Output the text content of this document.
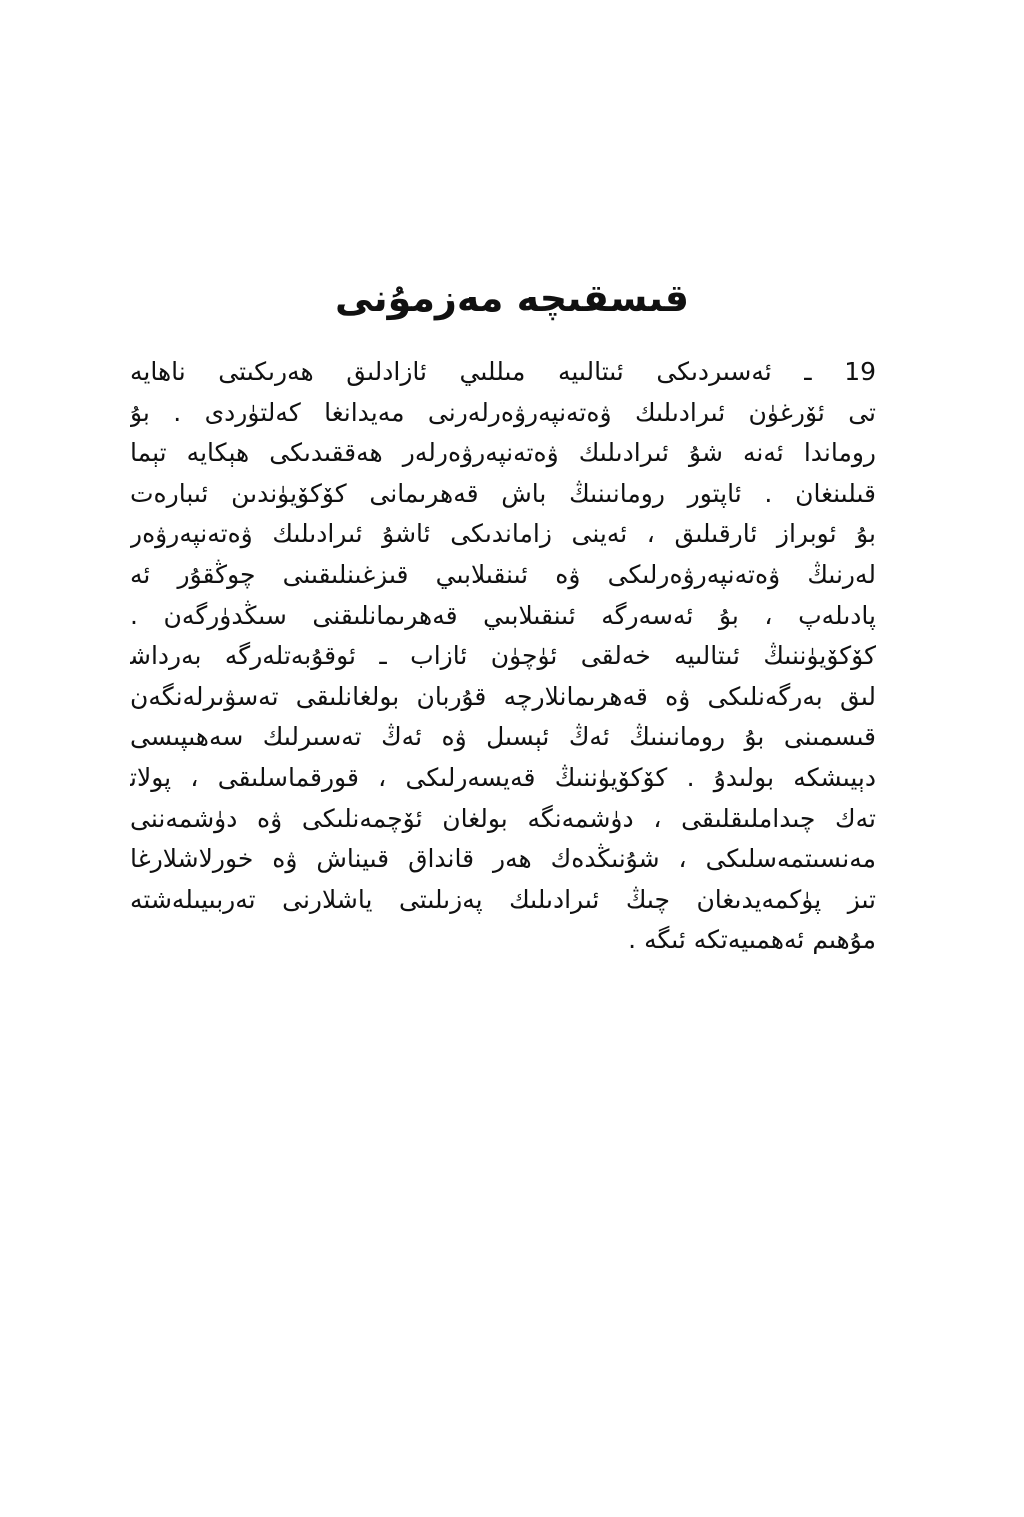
قىسقىچە مەزمۇنى
19 ـ ئەسىردىكى ئىتالىيە مىللىي ئازادلىق ھەرىكىتى ناھايە‍
تى ئۆرغۈن ئىرادىلىك ۋەتەنپەرۋەرلەرنى مەيدانغا كەلتۈردى . بۇ
روماندا ئەنە شۇ ئىرادىلىك ۋەتەنپەرۋەرلەر ھەققىدىكى ھېكايە تېما
قىلىنغان . ئاپتور رومانىنىڭ باش قەھرىمانى كۆكۆيۈندىن ئىبارەت
بۇ ئوبراز ئارقىلىق ، ئەينى زاماندىكى ئاشۇ ئىرادىلىك ۋەتەنپەرۋەر‍
لەرنىڭ ۋەتەنپەرۋەرلىكى ۋە ئىنقىلابىي قىزغىنلىقىنى چوڭقۇر ئە‍
پادىلەپ ، بۇ ئەسەرگە ئىنقىلابىي قەھرىمانلىقنى سىڭدۈرگەن .
كۆكۆيۈننىڭ ئىتالىيە خەلقى ئۈچۈن ئازاب ـ ئوقۇبەتلەرگە بەرداش‍
لىق بەرگەنلىكى ۋە قەھرىمانلارچە قۇربان بولغانلىقى تەسۋىرلەنگەن
قىسمىنى بۇ رومانىنىڭ ئەڭ ئېسىل ۋە ئەڭ تەسىرلىك سەھىپىسى
دېيىشكە بولىدۇ . كۆكۆيۈننىڭ قەيسەرلىكى ، قورقماسلىقى ، پولات‍
تەك چىداملىقلىقى ، دۈشمەنگە بولغان ئۆچمەنلىكى ۋە دۈشمەننى
مەنسىتمەسلىكى ، شۇنىڭدەك ھەر قانداق قىيناش ۋە خورلاشلارغا
تىز پۈكمەيدىغان چىڭ ئىرادىلىك پەزىلىتى ياشلارنى تەربىيىلەشتە
مۇھىم ئەھمىيەتكە ئىگە .
